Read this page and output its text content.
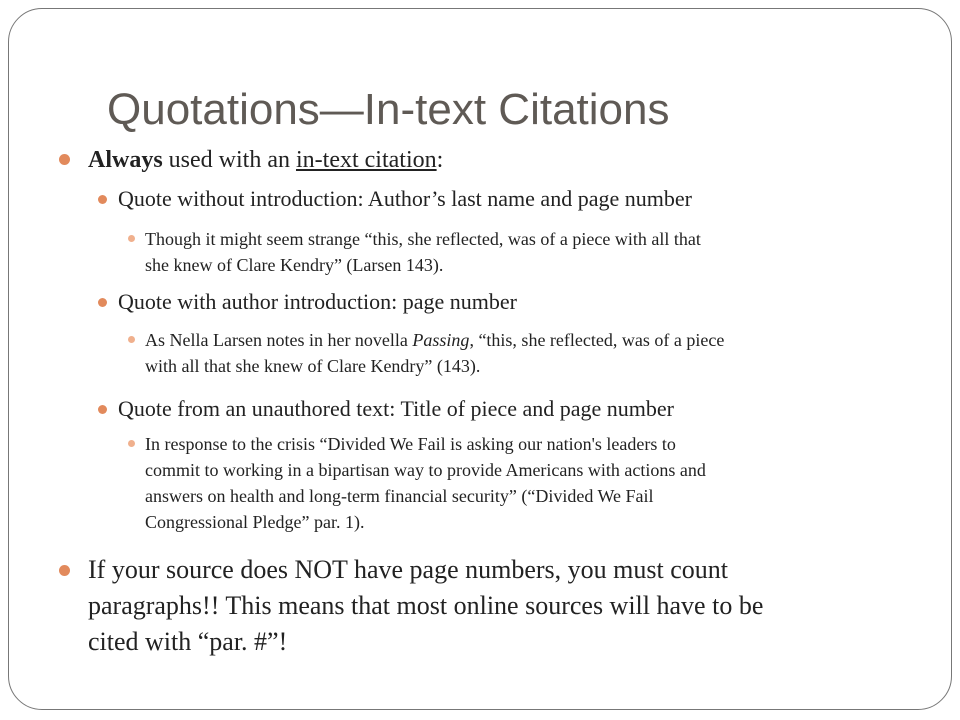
Quotations—In-text Citations
Always used with an in-text citation:
Quote without introduction: Author’s last name and page number
Though it might seem strange “this, she reflected, was of a piece with all that
she knew of Clare Kendry” (Larsen 143).
Quote with author introduction: page number
As Nella Larsen notes in her novella Passing, “this, she reflected, was of a piece
with all that she knew of Clare Kendry” (143).
Quote from an unauthored text: Title of piece and page number
In response to the crisis “Divided We Fail is asking our nation's leaders to
commit to working in a bipartisan way to provide Americans with actions and
answers on health and long-term financial security” (“Divided We Fail
Congressional Pledge” par. 1).
If your source does NOT have page numbers, you must count
paragraphs!! This means that most online sources will have to be
cited with “par. #”!
